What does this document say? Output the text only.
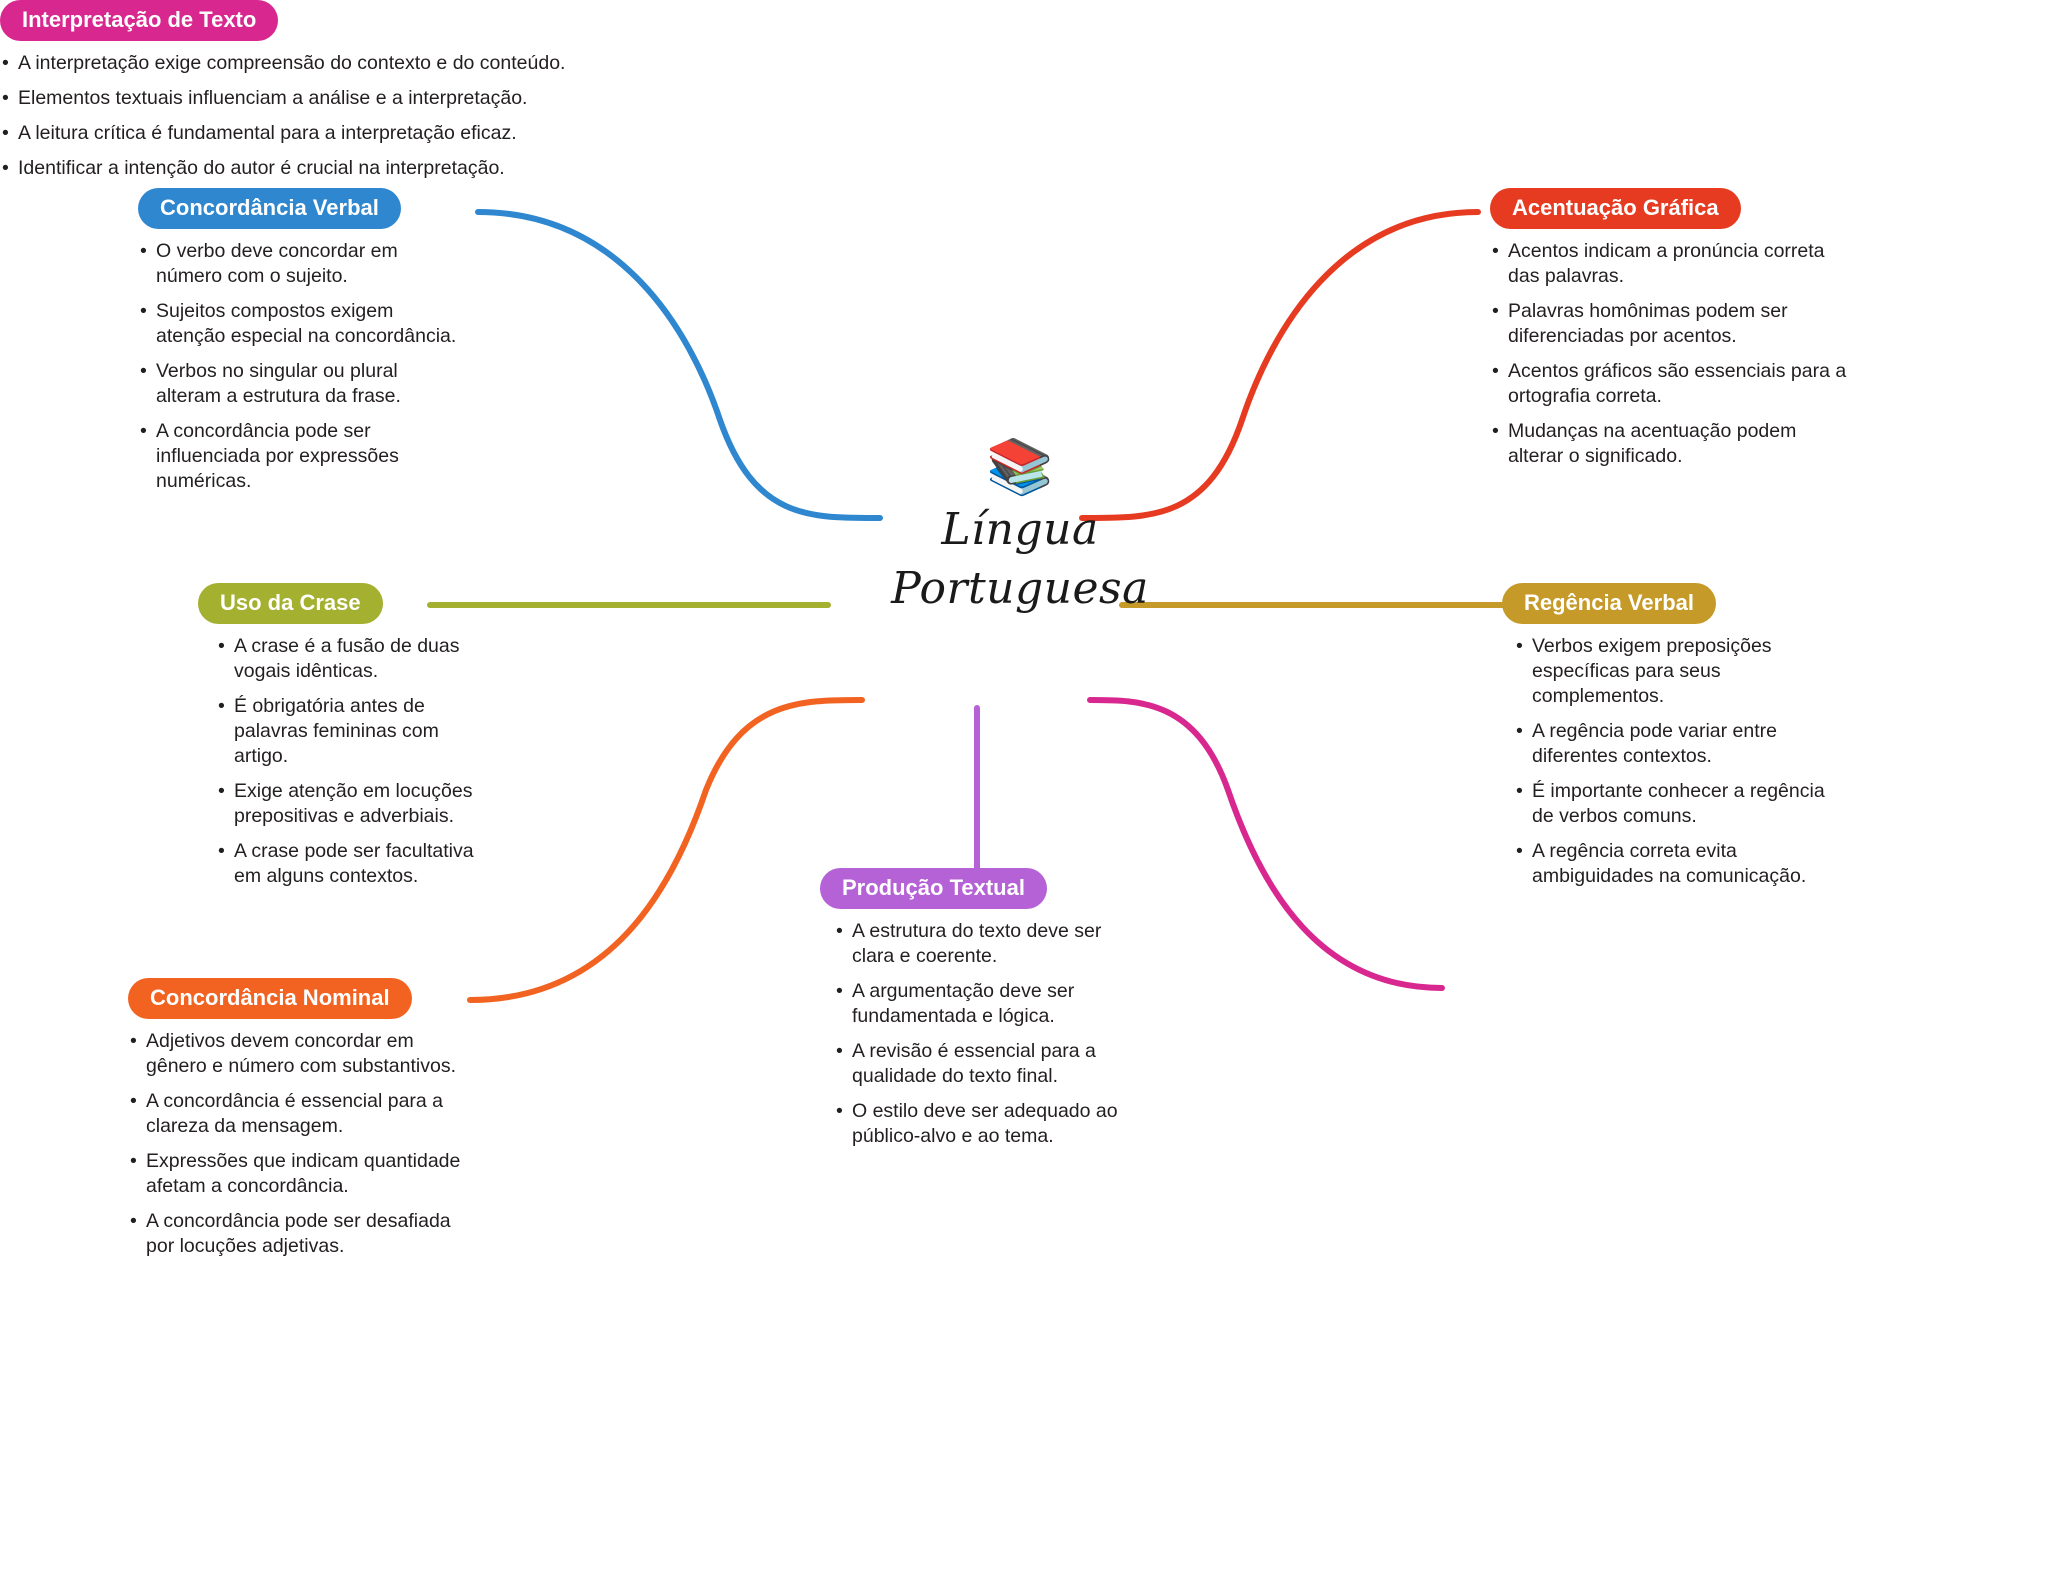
📚
Língua
Portuguesa
Concordância Verbal
• O verbo deve concordar em número com o sujeito.
• Sujeitos compostos exigem atenção especial na concordância.
• Verbos no singular ou plural alteram a estrutura da frase.
• A concordância pode ser influenciada por expressões numéricas.
Acentuação Gráfica
• Acentos indicam a pronúncia correta das palavras.
• Palavras homônimas podem ser diferenciadas por acentos.
• Acentos gráficos são essenciais para a ortografia correta.
• Mudanças na acentuação podem alterar o significado.
Uso da Crase
• A crase é a fusão de duas vogais idênticas.
• É obrigatória antes de palavras femininas com artigo.
• Exige atenção em locuções prepositivas e adverbiais.
• A crase pode ser facultativa em alguns contextos.
Regência Verbal
• Verbos exigem preposições específicas para seus complementos.
• A regência pode variar entre diferentes contextos.
• É importante conhecer a regência de verbos comuns.
• A regência correta evita ambiguidades na comunicação.
Concordância Nominal
• Adjetivos devem concordar em gênero e número com substantivos.
• A concordância é essencial para a clareza da mensagem.
• Expressões que indicam quantidade afetam a concordância.
• A concordância pode ser desafiada por locuções adjetivas.
Interpretação de Texto
• A interpretação exige compreensão do contexto e do conteúdo.
• Elementos textuais influenciam a análise e a interpretação.
• A leitura crítica é fundamental para a interpretação eficaz.
• Identificar a intenção do autor é crucial na interpretação.
Produção Textual
• A estrutura do texto deve ser clara e coerente.
• A argumentação deve ser fundamentada e lógica.
• A revisão é essencial para a qualidade do texto final.
• O estilo deve ser adequado ao público-alvo e ao tema.
